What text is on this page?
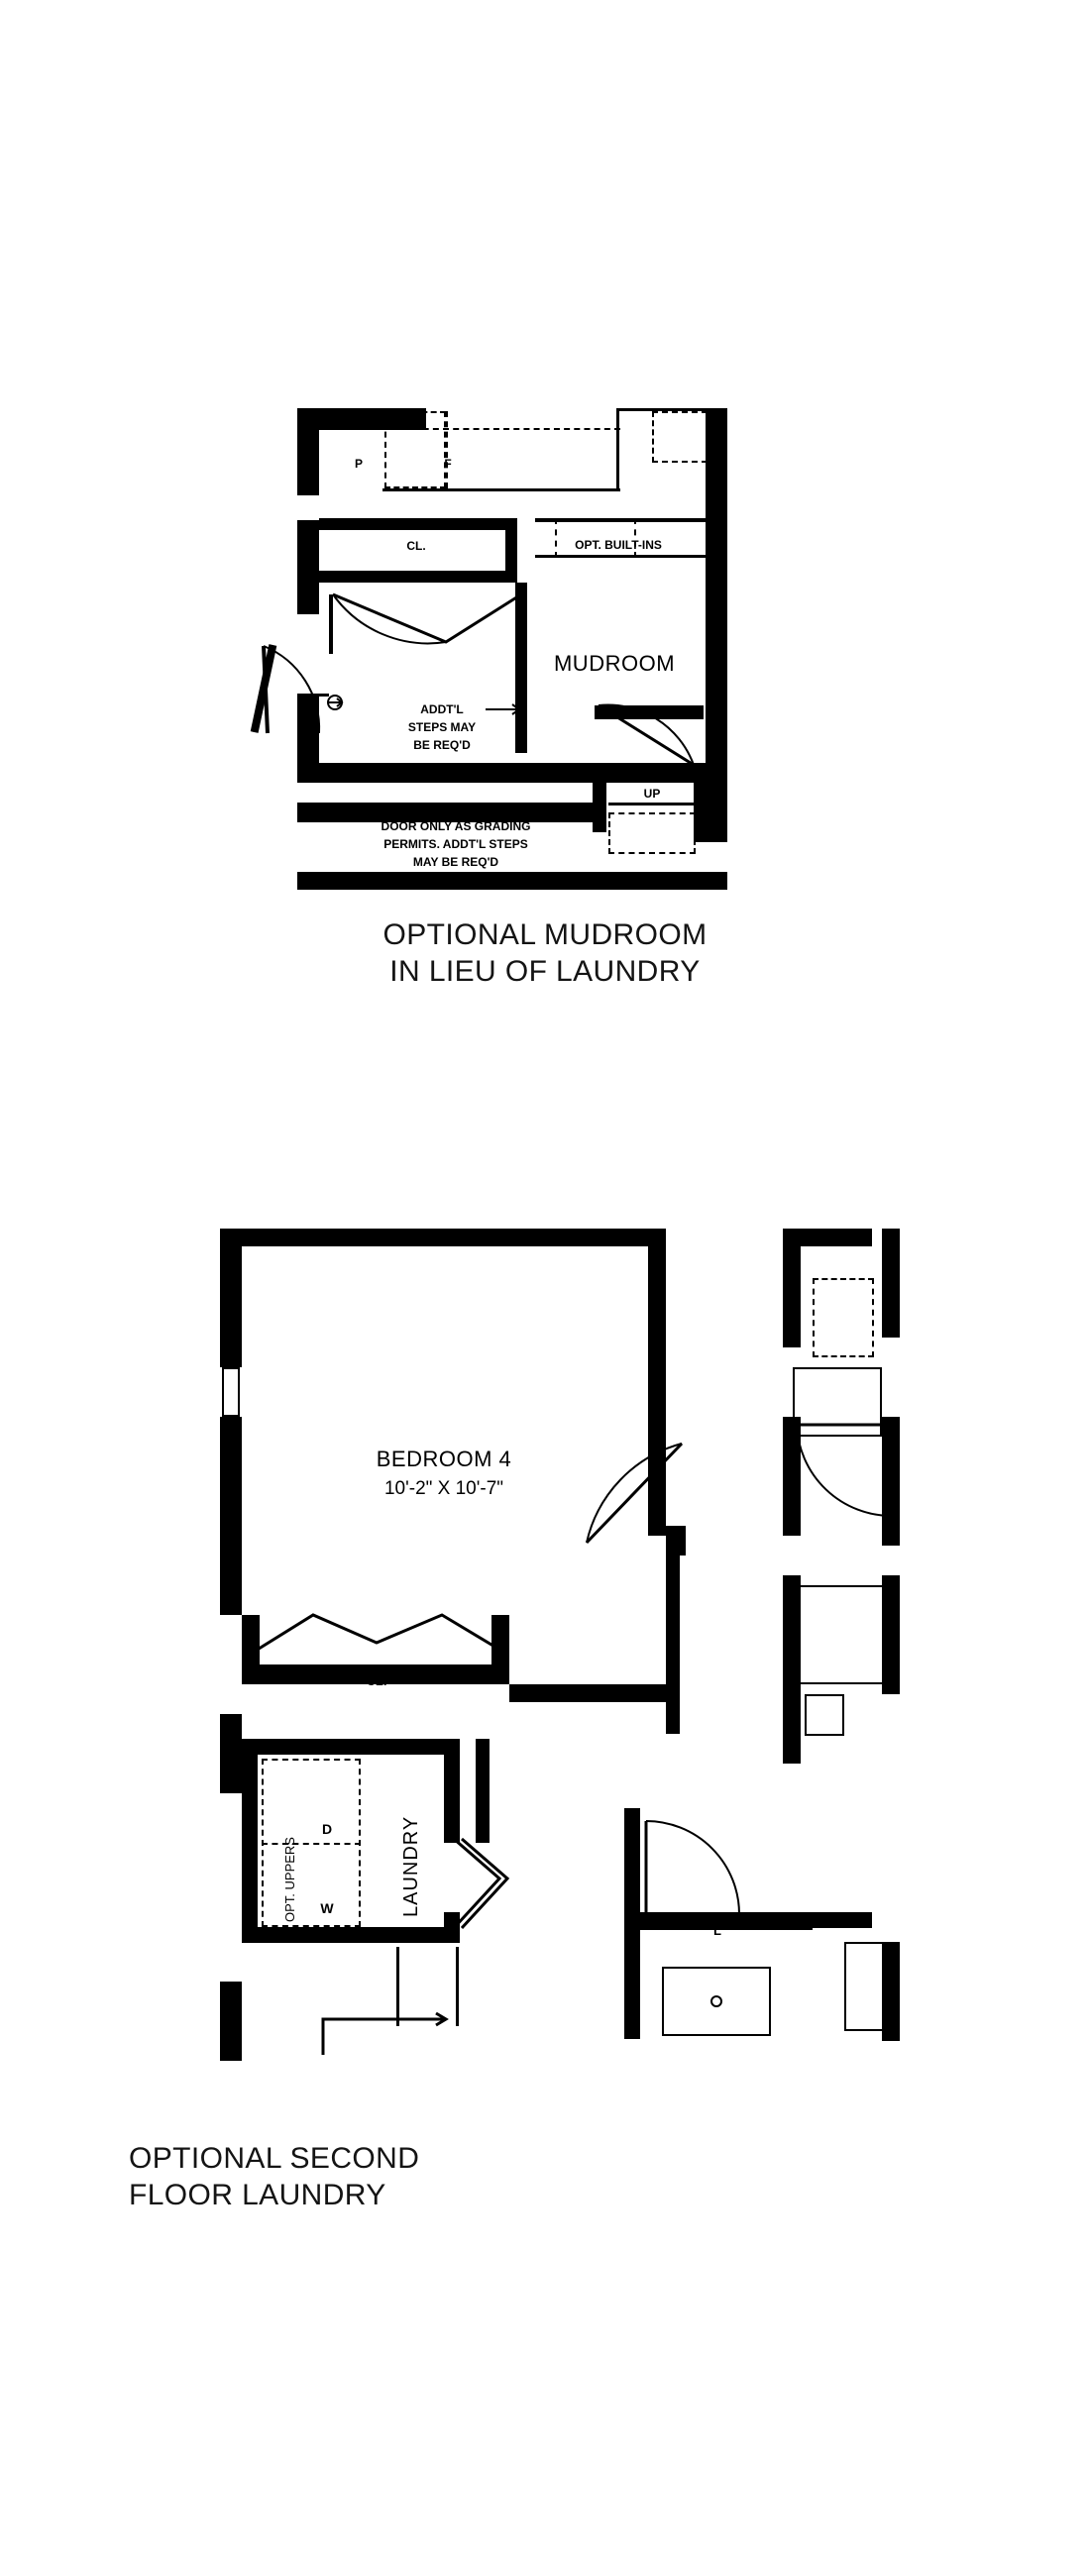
P	F
CL.	OPT. BUILT-INS
MUDROOM
DN
ADDT'L
STEPS MAY
BE REQ'D
UP
DOOR ONLY AS GRADING
PERMITS. ADDT'L STEPS
MAY BE REQ'D
OPTIONAL MUDROOM
IN LIEU OF LAUNDRY
BEDROOM 4
10'-2" X 10'-7"
CL.
OPT. UPPERS
D
W	LAUNDRY
L
OPTIONAL SECOND
FLOOR LAUNDRY
